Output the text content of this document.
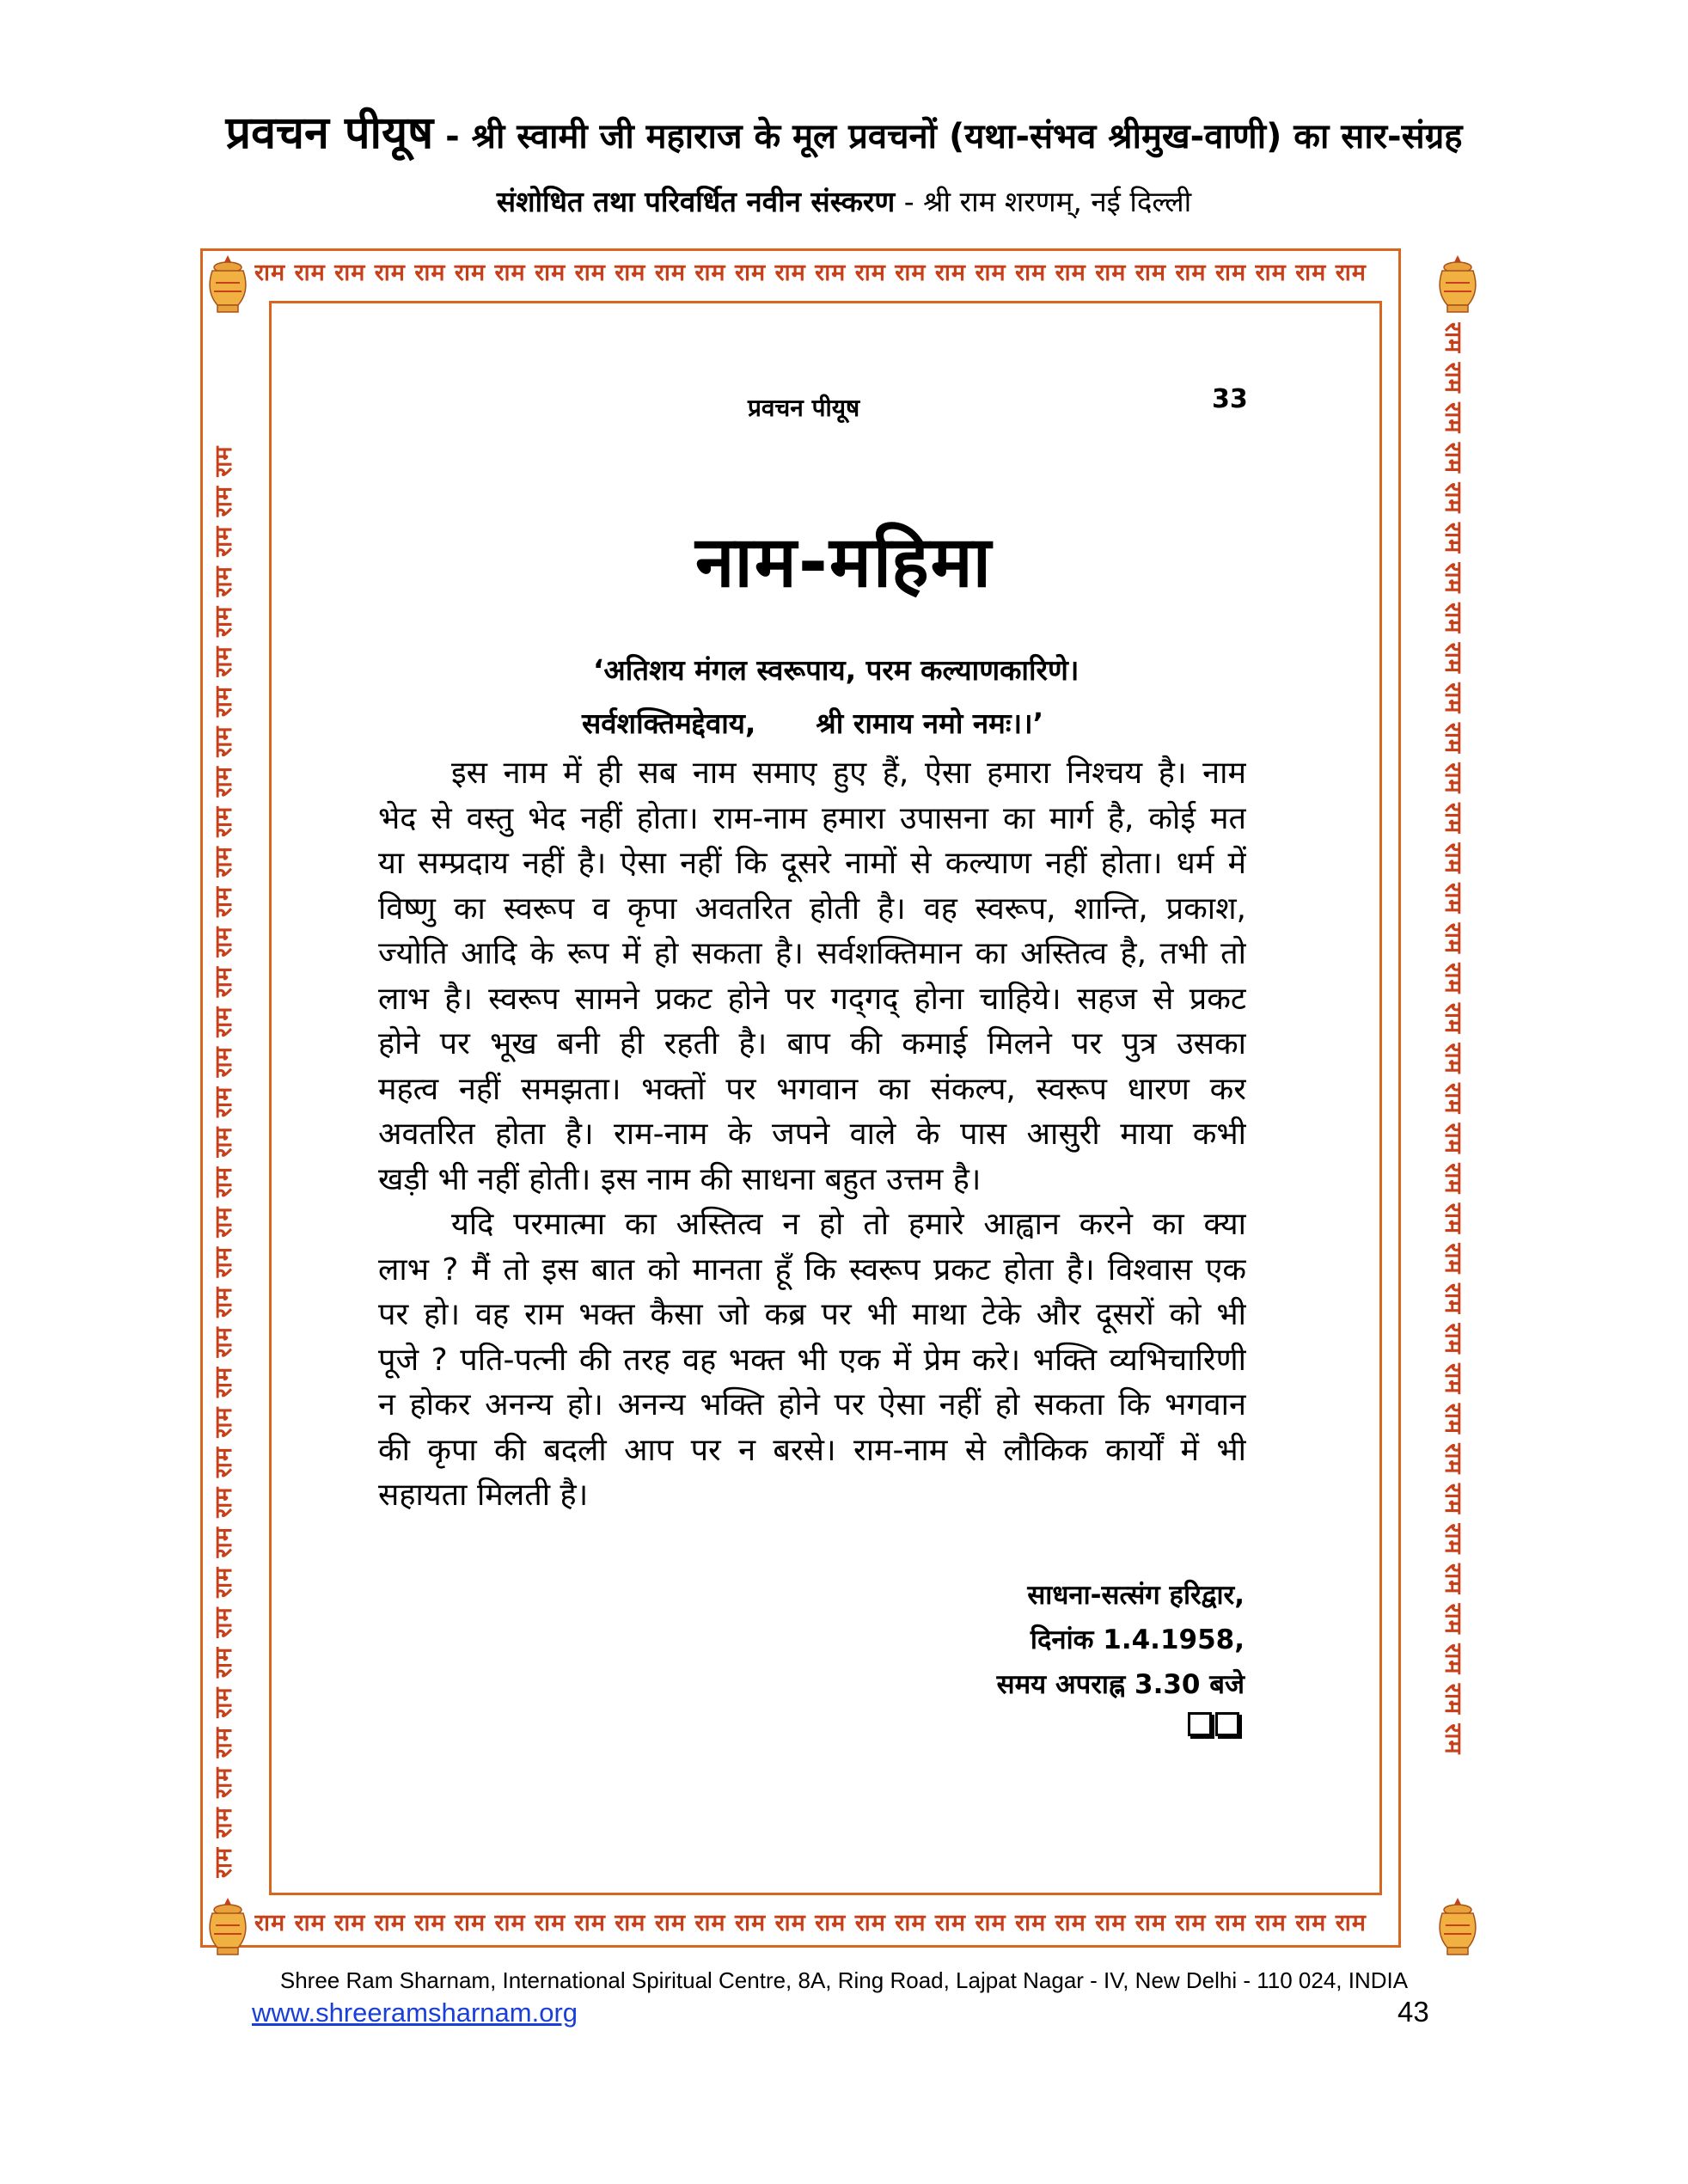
प्रवचन पीयूष - श्री स्वामी जी महाराज के मूल प्रवचनों (यथा-संभव श्रीमुख-वाणी) का सार-संग्रह
संशोधित तथा परिवर्धित नवीन संस्करण - श्री राम शरणम्, नई दिल्ली
राम राम राम राम राम राम राम राम राम राम राम राम राम राम राम राम राम राम राम राम राम राम राम राम राम राम राम राम
राम राम राम राम राम राम राम राम राम राम राम राम राम राम राम राम राम राम राम राम राम राम राम राम राम राम राम राम
राम राम राम राम राम राम राम राम राम राम राम राम राम राम राम राम राम राम राम राम राम राम राम राम राम राम राम राम राम राम राम राम राम राम राम राम	राम राम राम राम राम राम राम राम राम राम राम राम राम राम राम राम राम राम राम राम राम राम राम राम राम राम राम राम राम राम राम राम राम राम राम राम
प्रवचन पीयूष	33
नाम-महिमा
‘अतिशय मंगल स्वरूपाय, परम कल्याणकारिणे।
सर्वशक्तिमद्देवाय, श्री रामाय नमो नमः।।’
इस नाम में ही सब नाम समाए हुए हैं, ऐसा हमारा निश्चय है। नाम
भेद से वस्तु भेद नहीं होता। राम-नाम हमारा उपासना का मार्ग है, कोई मत
या सम्प्रदाय नहीं है। ऐसा नहीं कि दूसरे नामों से कल्याण नहीं होता। धर्म में
विष्णु का स्वरूप व कृपा अवतरित होती है। वह स्वरूप, शान्ति, प्रकाश,
ज्योति आदि के रूप में हो सकता है। सर्वशक्तिमान का अस्तित्व है, तभी तो
लाभ है। स्वरूप सामने प्रकट होने पर गद्‌गद् होना चाहिये। सहज से प्रकट
होने पर भूख बनी ही रहती है। बाप की कमाई मिलने पर पुत्र उसका
महत्व नहीं समझता। भक्तों पर भगवान का संकल्प, स्वरूप धारण कर
अवतरित होता है। राम-नाम के जपने वाले के पास आसुरी माया कभी
खड़ी भी नहीं होती। इस नाम की साधना बहुत उत्तम है।
यदि परमात्मा का अस्तित्व न हो तो हमारे आह्वान करने का क्या
लाभ ? मैं तो इस बात को मानता हूँ कि स्वरूप प्रकट होता है। विश्वास एक
पर हो। वह राम भक्त कैसा जो कब्र पर भी माथा टेके और दूसरों को भी
पूजे ? पति-पत्नी की तरह वह भक्त भी एक में प्रेम करे। भक्ति व्यभिचारिणी
न होकर अनन्य हो। अनन्य भक्ति होने पर ऐसा नहीं हो सकता कि भगवान
की कृपा की बदली आप पर न बरसे। राम-नाम से लौकिक कार्यों में भी
सहायता मिलती है।
साधना-सत्संग हरिद्वार,
दिनांक 1.4.1958,
समय अपराह्न 3.30 बजे
Shree Ram Sharnam, International Spiritual Centre, 8A, Ring Road, Lajpat Nagar - IV, New Delhi - 110 024, INDIA
www.shreeramsharnam.org	43
